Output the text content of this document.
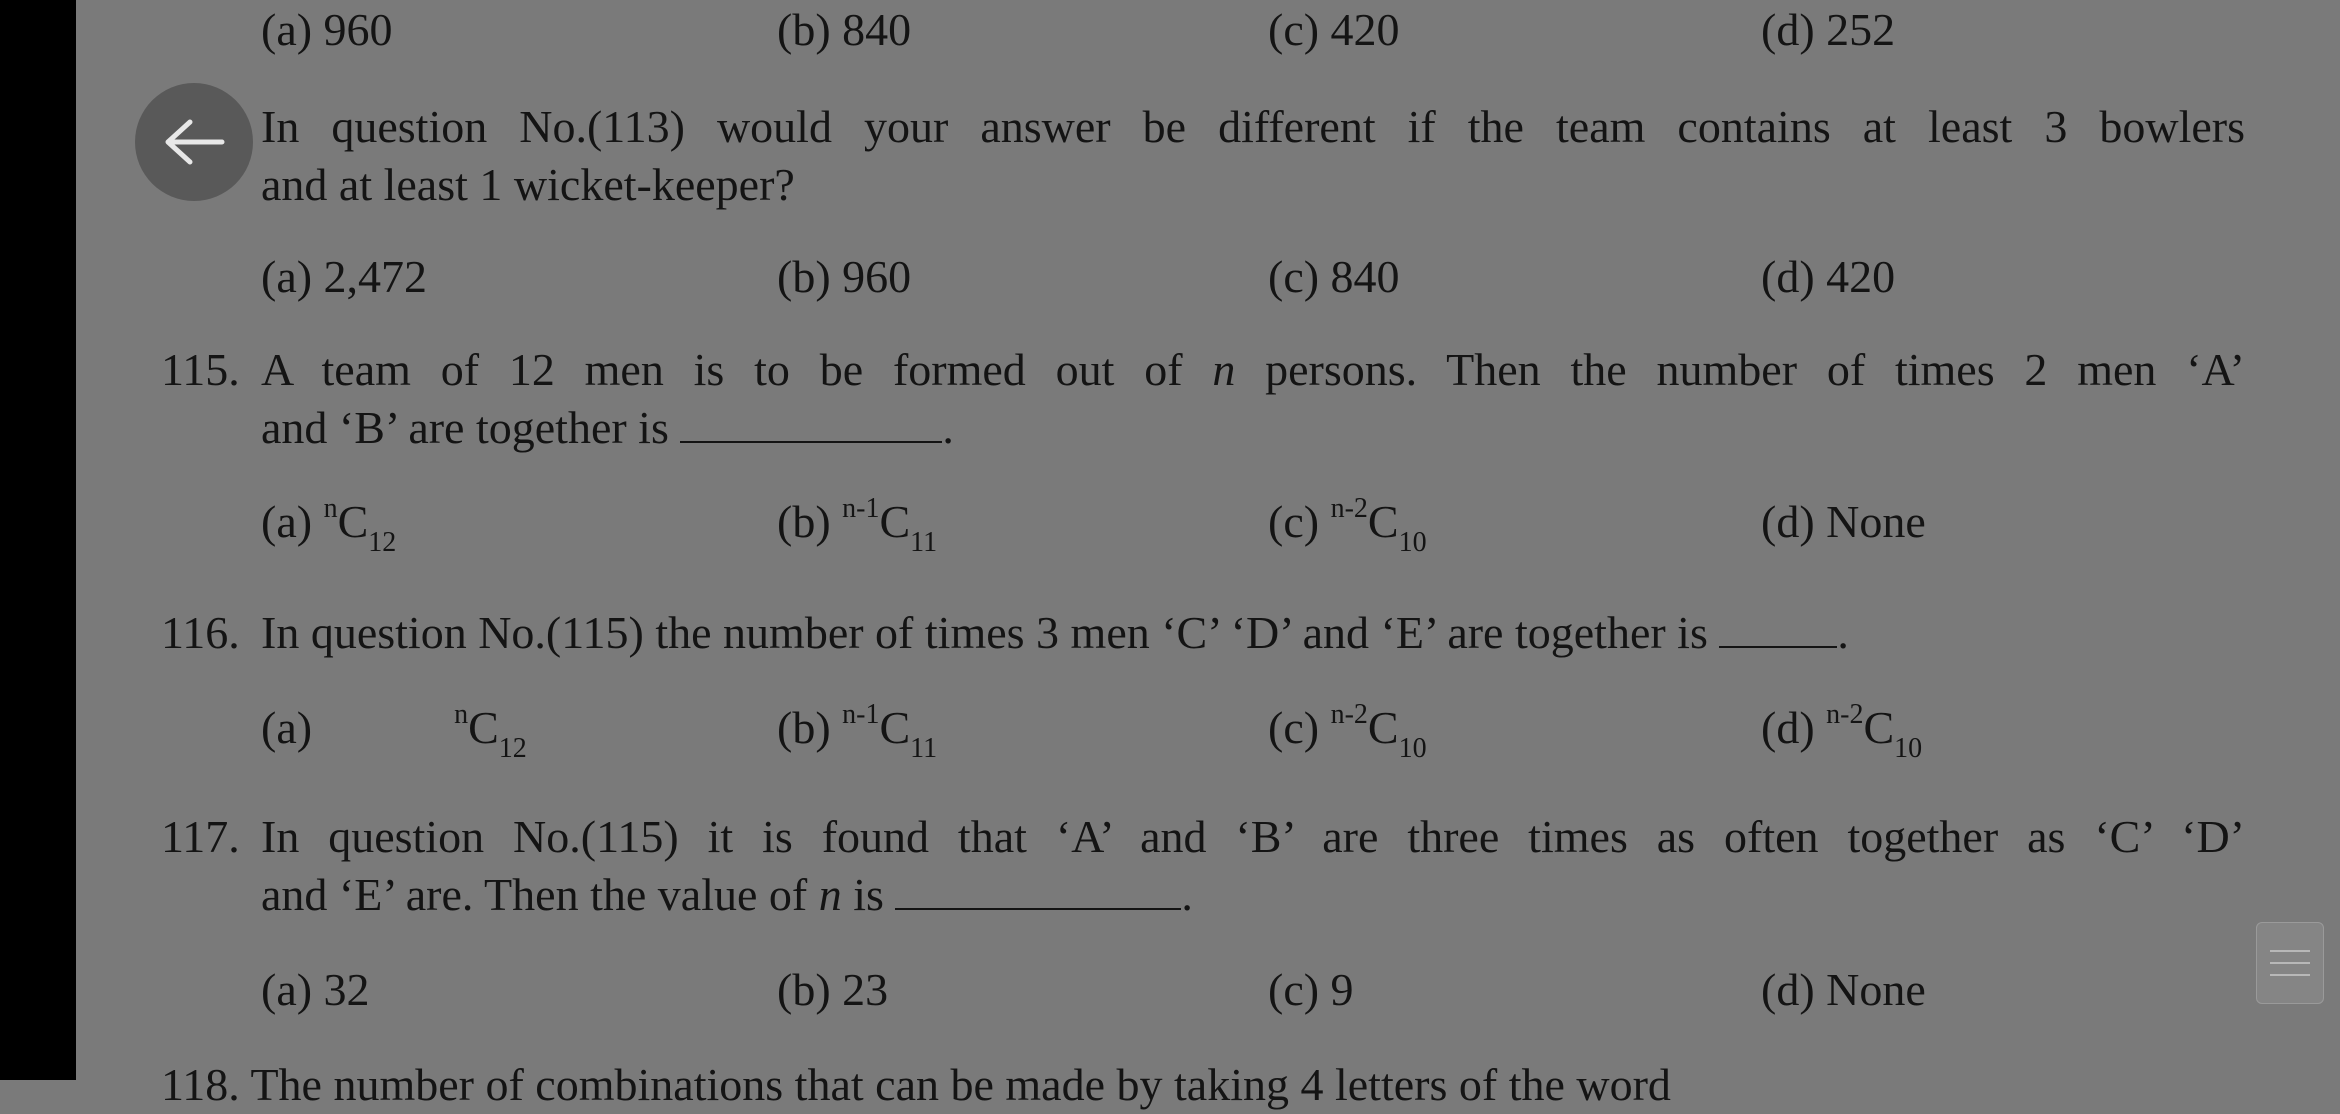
(a) 960	(b) 840	(c) 420	(d) 252
In question No.(113) would your answer be different if the team contains at least 3 bowlers
and at least 1 wicket-keeper?
(a) 2,472	(b) 960	(c) 840	(d) 420
115. A team of 12 men is to be formed out of n persons. Then the number of times 2 men ‘A’
and ‘B’ are together is	.
(a) $^nC_{12}$	(b) $^{n-1}C_{11}$	(c) $^{n-2}C_{10}$	(d) None
116. In question No.(115) the number of times 3 men ‘C’ ‘D’ and ‘E’ are together is	.
(a)	$^nC_{12}$	(b) $^{n-1}C_{11}$	(c) $^{n-2}C_{10}$	(d) $^{n-2}C_{10}$
117. In question No.(115) it is found that ‘A’ and ‘B’ are three times as often together as ‘C’ ‘D’
and ‘E’ are. Then the value of n is	.
(a) 32	(b) 23	(c) 9	(d) None
118. The number of combinations that can be made by taking 4 letters of the word
